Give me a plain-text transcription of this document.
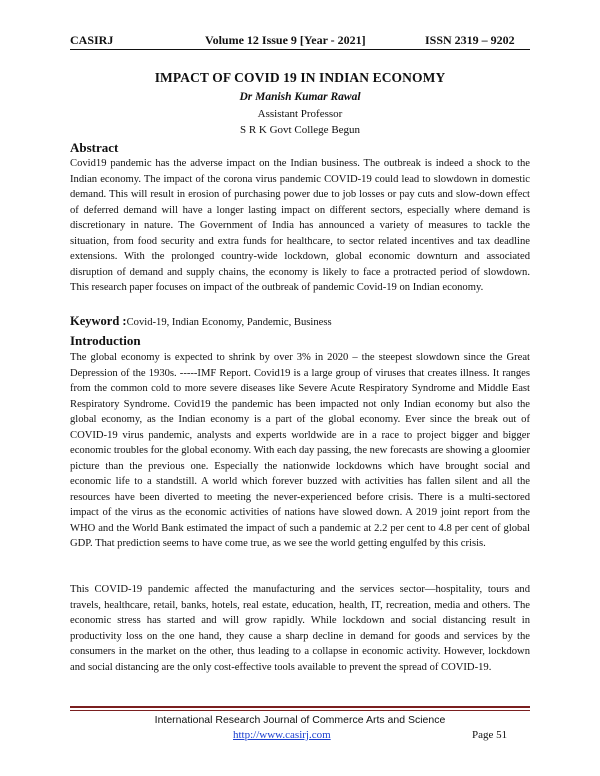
CASIRJ	Volume 12 Issue 9 [Year - 2021]	ISSN 2319 – 9202
IMPACT OF COVID 19 IN INDIAN ECONOMY
Dr Manish Kumar Rawal
Assistant Professor
S R K Govt College Begun
Abstract
Covid19 pandemic has the adverse impact on the Indian business. The outbreak is indeed a shock to the Indian economy. The impact of the corona virus pandemic COVID-19 could lead to slowdown in domestic demand. This will result in erosion of purchasing power due to job losses or pay cuts and slow-down effect of deferred demand will have a longer lasting impact on different sectors, especially where demand is discretionary in nature. The Government of India has announced a variety of measures to tackle the situation, from food security and extra funds for healthcare, to sector related incentives and tax deadline extensions. With the prolonged country-wide lockdown, global economic downturn and associated disruption of demand and supply chains, the economy is likely to face a protracted period of slowdown. This research paper focuses on impact of the outbreak of pandemic Covid-19 on Indian economy.
Keyword :Covid-19, Indian Economy, Pandemic, Business
Introduction
The global economy is expected to shrink by over 3% in 2020 – the steepest slowdown since the Great Depression of the 1930s. -----IMF Report. Covid19 is a large group of viruses that creates illness. It ranges from the common cold to more severe diseases like Severe Acute Respiratory Syndrome and Middle East Respiratory Syndrome. Covid19 the pandemic has been impacted not only Indian economy but also the global economy, as the Indian economy is a part of the global economy. Ever since the break out of COVID-19 virus pandemic, analysts and experts worldwide are in a race to project bigger and bigger economic troubles for the global economy. With each day passing, the new forecasts are showing a gloomier picture than the previous one. Especially the nationwide lockdowns which have brought social and economic life to a standstill. A world which forever buzzed with activities has fallen silent and all the resources have been diverted to meeting the never-experienced before crisis. There is a multi-sectored impact of the virus as the economic activities of nations have slowed down. A 2019 joint report from the WHO and the World Bank estimated the impact of such a pandemic at 2.2 per cent to 4.8 per cent of global GDP. That prediction seems to have come true, as we see the world getting engulfed by this crisis.
This COVID-19 pandemic affected the manufacturing and the services sector—hospitality, tours and travels, healthcare, retail, banks, hotels, real estate, education, health, IT, recreation, media and others. The economic stress has started and will grow rapidly. While lockdown and social distancing result in productivity loss on the one hand, they cause a sharp decline in demand for goods and services by the consumers in the market on the other, thus leading to a collapse in economic activity. However, lockdown and social distancing are the only cost-effective tools available to prevent the spread of COVID-19.
International Research Journal of Commerce Arts and Science
http://www.casirj.com	Page 51
